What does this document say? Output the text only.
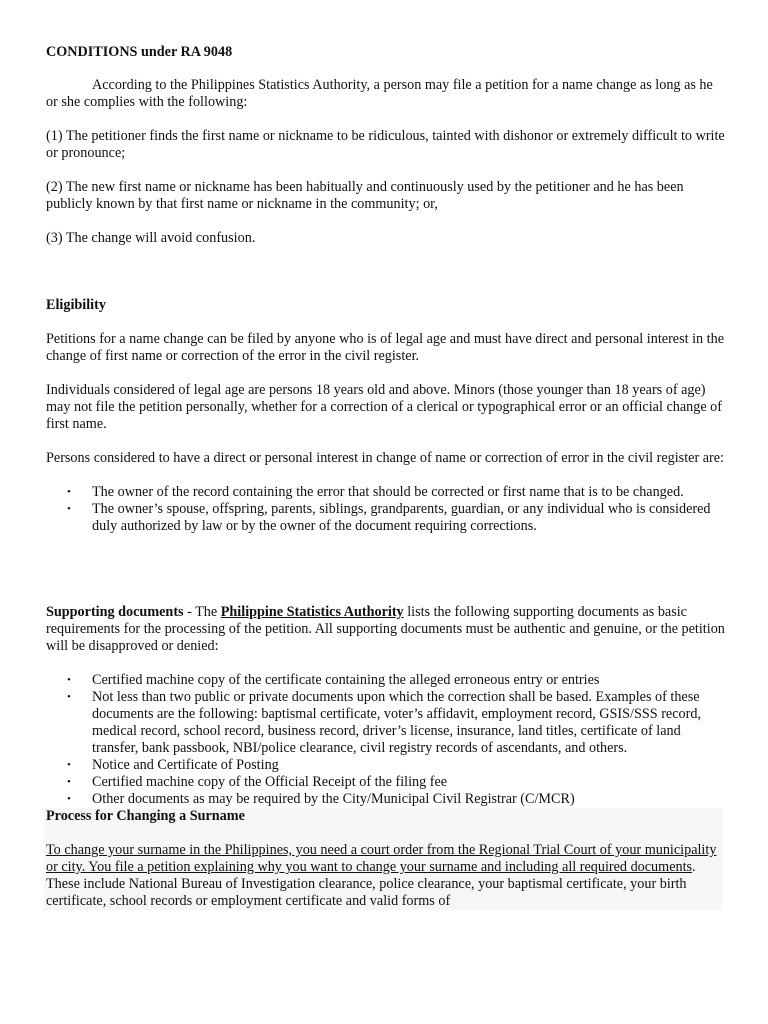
CONDITIONS under RA 9048

According to the Philippines Statistics Authority, a person may file a petition for a name change as long as he or she complies with the following:

(1) The petitioner finds the first name or nickname to be ridiculous, tainted with dishonor or extremely difficult to write or pronounce;

(2) The new first name or nickname has been habitually and continuously used by the petitioner and he has been publicly known by that first name or nickname in the community; or,

(3) The change will avoid confusion.

Eligibility

Petitions for a name change can be filed by anyone who is of legal age and must have direct and personal interest in the change of first name or correction of the error in the civil register.

Individuals considered of legal age are persons 18 years old and above. Minors (those younger than 18 years of age) may not file the petition personally, whether for a correction of a clerical or typographical error or an official change of first name.

Persons considered to have a direct or personal interest in change of name or correction of error in the civil register are:

• The owner of the record containing the error that should be corrected or first name that is to be changed.
• The owner’s spouse, offspring, parents, siblings, grandparents, guardian, or any individual who is considered duly authorized by law or by the owner of the document requiring corrections.

Supporting documents - The Philippine Statistics Authority lists the following supporting documents as basic requirements for the processing of the petition. All supporting documents must be authentic and genuine, or the petition will be disapproved or denied:

• Certified machine copy of the certificate containing the alleged erroneous entry or entries
• Not less than two public or private documents upon which the correction shall be based. Examples of these documents are the following: baptismal certificate, voter’s affidavit, employment record, GSIS/SSS record, medical record, school record, business record, driver’s license, insurance, land titles, certificate of land transfer, bank passbook, NBI/police clearance, civil registry records of ascendants, and others.
• Notice and Certificate of Posting
• Certified machine copy of the Official Receipt of the filing fee
• Other documents as may be required by the City/Municipal Civil Registrar (C/MCR)

Process for Changing a Surname

To change your surname in the Philippines, you need a court order from the Regional Trial Court of your municipality or city. You file a petition explaining why you want to change your surname and including all required documents. These include National Bureau of Investigation clearance, police clearance, your baptismal certificate, your birth certificate, school records or employment certificate and valid forms of
